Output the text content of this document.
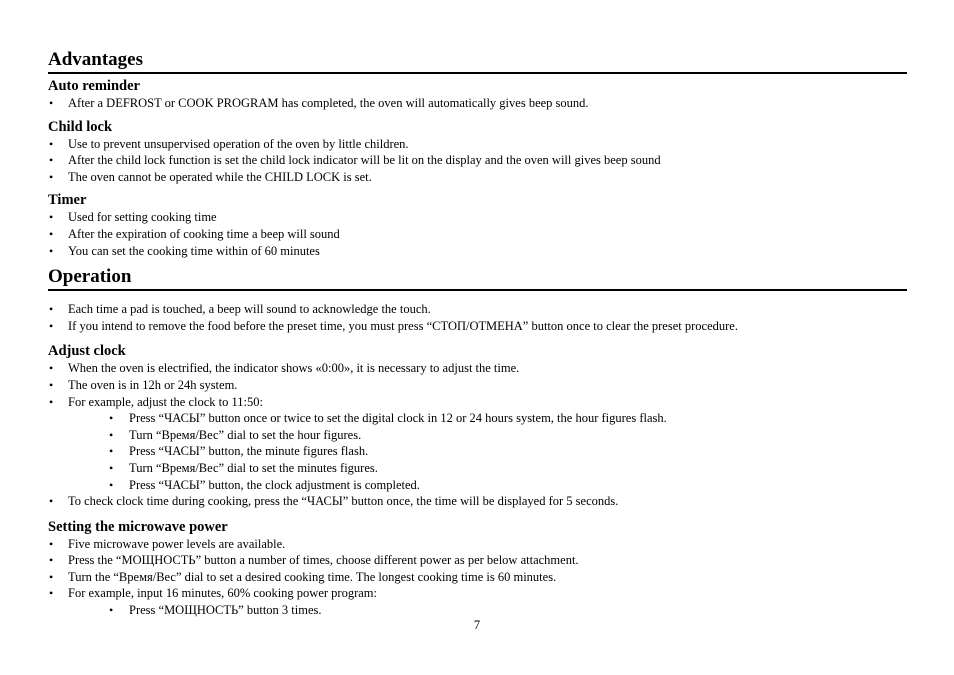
Advantages
Auto reminder
• After a DEFROST or COOK PROGRAM has completed, the oven will automatically gives beep sound.
Child lock
• Use to prevent unsupervised operation of the oven by little children.
• After the child lock function is set the child lock indicator will be lit on the display and the oven will gives beep sound
• The oven cannot be operated while the CHILD LOCK is set.
Timer
• Used for setting cooking time
• After the expiration of cooking time a beep will sound
• You can set the cooking time within of 60 minutes
Operation
• Each time a pad is touched, a beep will sound to acknowledge the touch.
• If you intend to remove the food before the preset time, you must press “СТОП/ОТМЕНА” button once to clear the preset procedure.
Adjust clock
• When the oven is electrified, the indicator shows «0:00», it is necessary to adjust the time.
• The oven is in 12h or 24h system.
• For example, adjust the clock to 11:50:
• Press “ЧАСЫ” button once or twice to set the digital clock in 12 or 24 hours system, the hour figures flash.
• Turn “Время/Вес” dial to set the hour figures.
• Press “ЧАСЫ” button, the minute figures flash.
• Turn “Время/Вес” dial to set the minutes figures.
• Press “ЧАСЫ” button, the clock adjustment is completed.
• To check clock time during cooking, press the “ЧАСЫ” button once, the time will be displayed for 5 seconds.
Setting the microwave power
• Five microwave power levels are available.
• Press the “МОЩНОСТЬ” button a number of times, choose different power as per below attachment.
• Turn the “Время/Вес” dial to set a desired cooking time. The longest cooking time is 60 minutes.
• For example, input 16 minutes, 60% cooking power program:
• Press “МОЩНОСТЬ” button 3 times.
7
